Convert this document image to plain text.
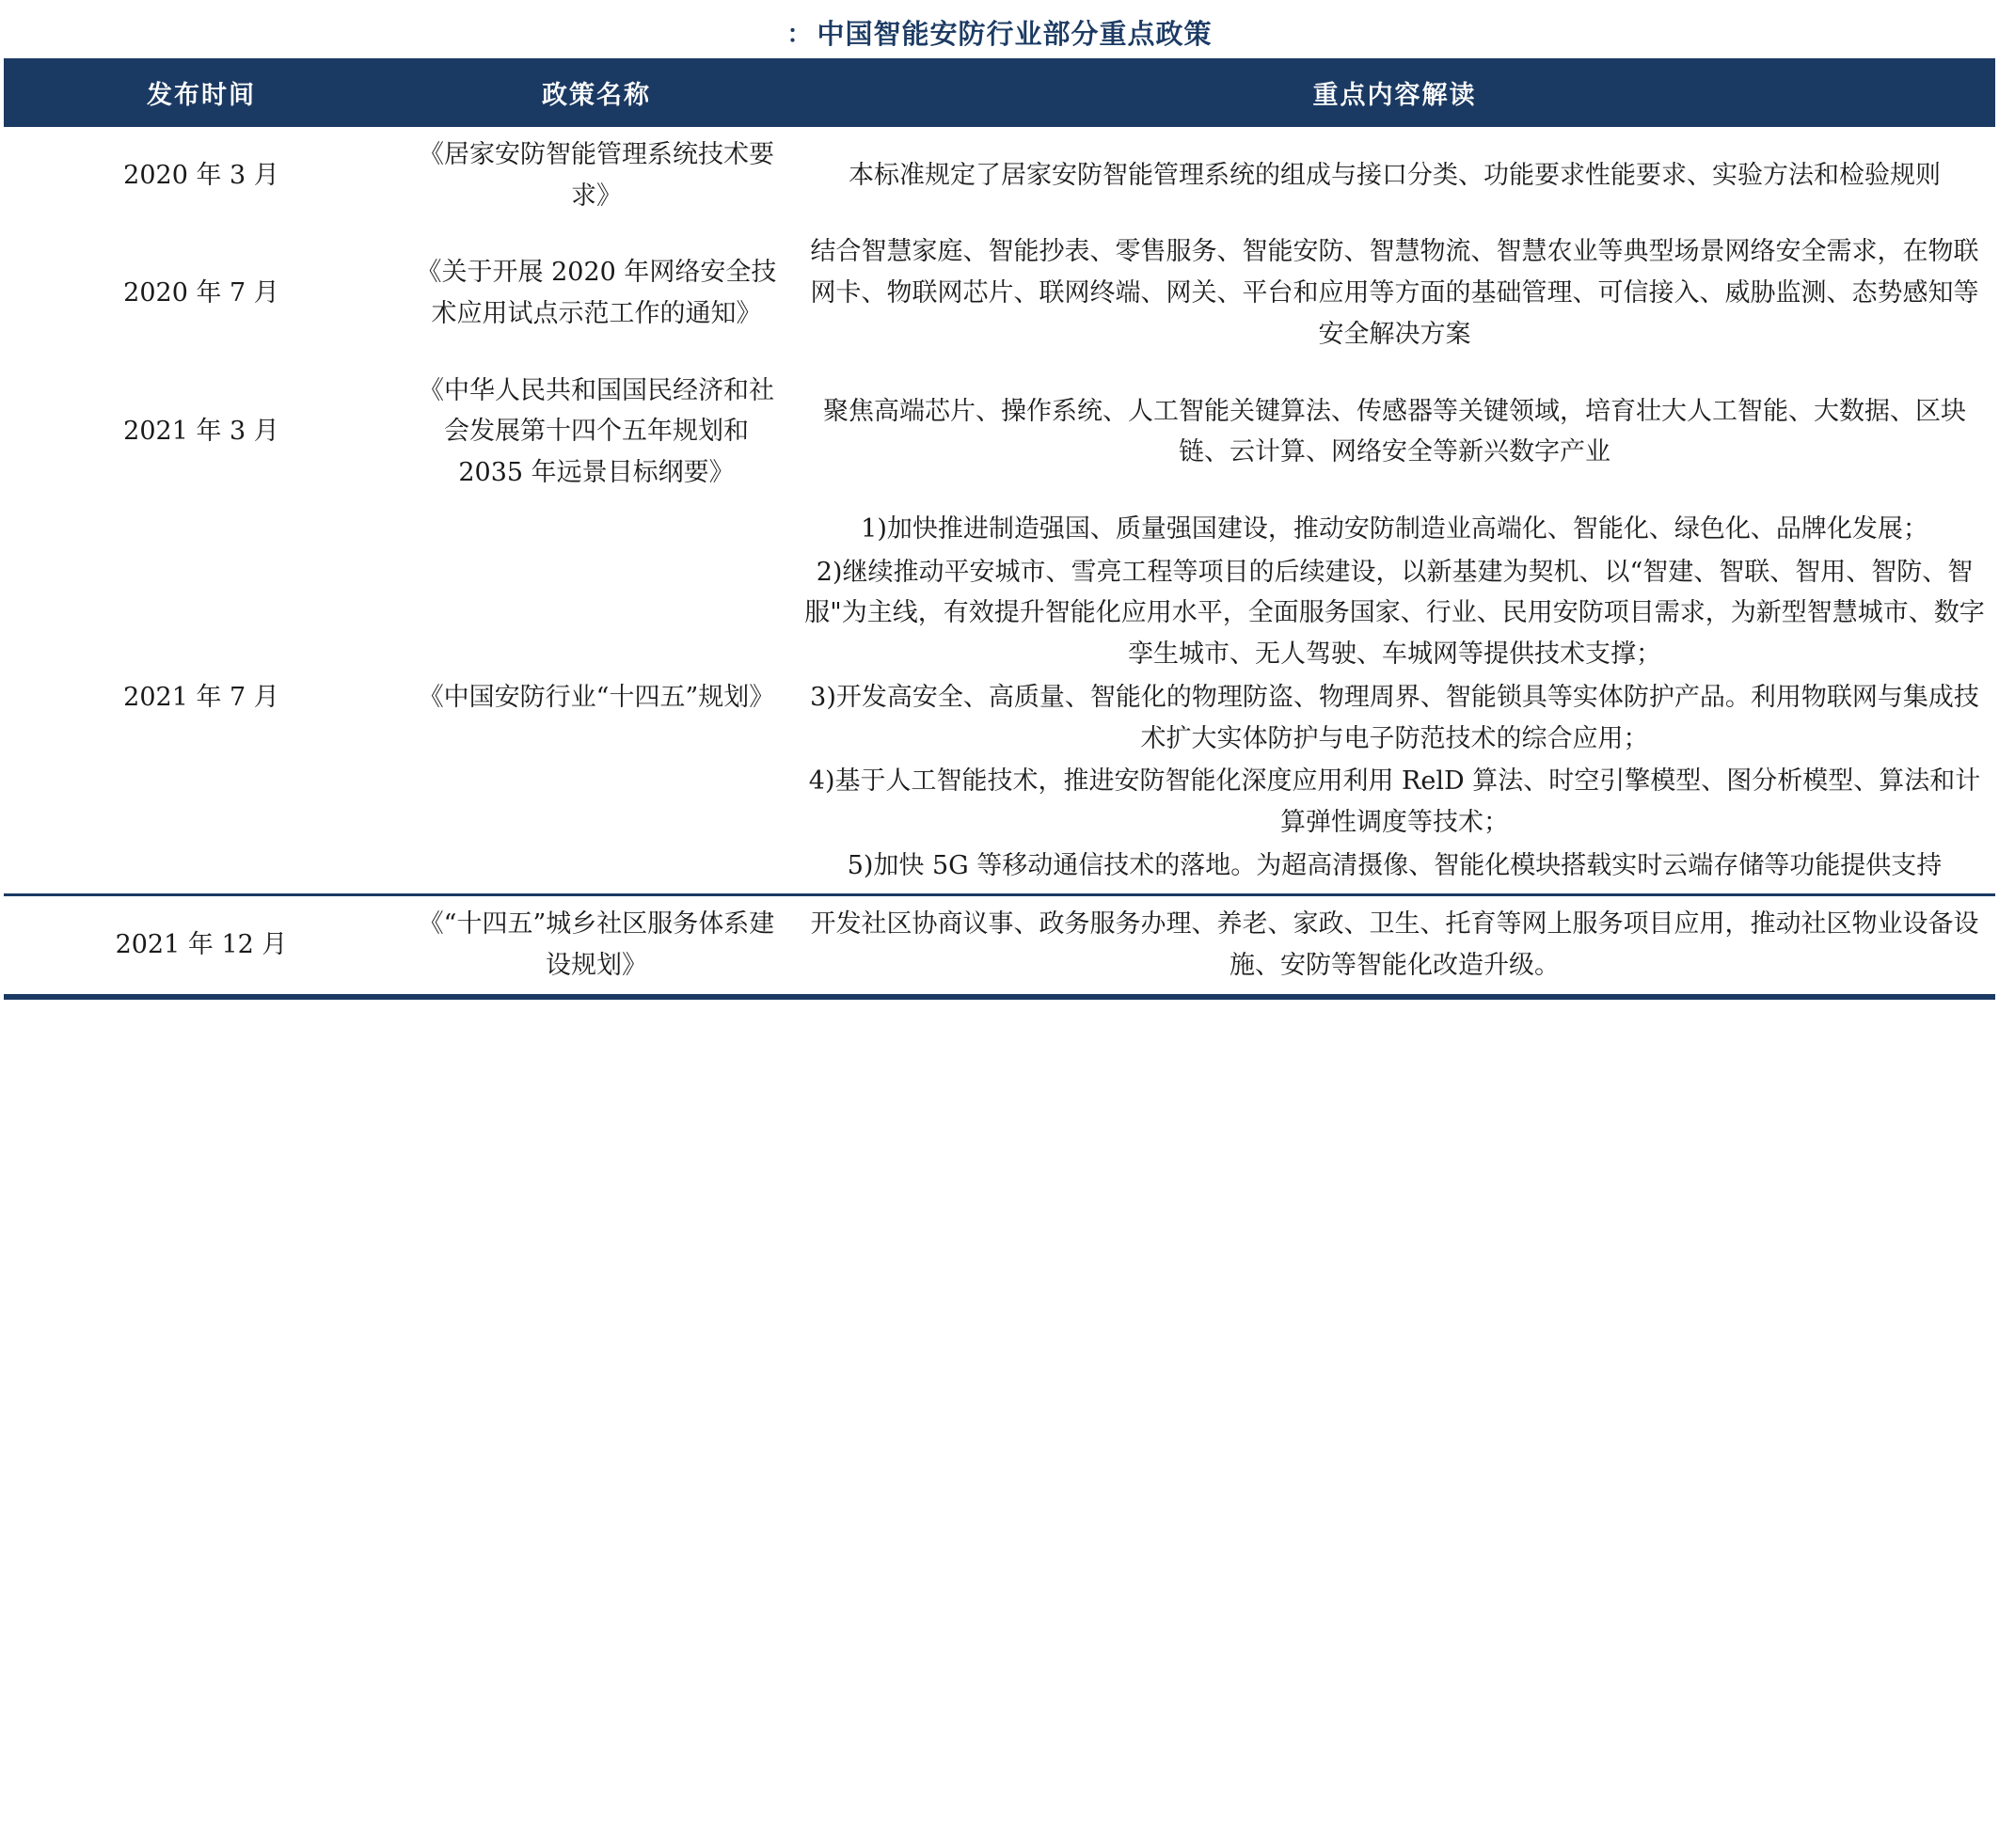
： 中国智能安防行业部分重点政策
发布时间	政策名称	重点内容解读
2020 年 3 月	《居家安防智能管理系统技术要求》	本标准规定了居家安防智能管理系统的组成与接口分类、功能要求性能要求、实验方法和检验规则

2020 年 7 月	《关于开展 2020 年网络安全技术应用试点示范工作的通知》	结合智慧家庭、智能抄表、零售服务、智能安防、智慧物流、智慧农业等典型场景网络安全需求，在物联网卡、物联网芯片、联网终端、网关、平台和应用等方面的基础管理、可信接入、威胁监测、态势感知等安全解决方案

2021 年 3 月	《中华人民共和国国民经济和社会发展第十四个五年规划和 2035 年远景目标纲要》	聚焦高端芯片、操作系统、人工智能关键算法、传感器等关键领域，培育壮大人工智能、大数据、区块链、云计算、网络安全等新兴数字产业

2021 年 7 月	《中国安防行业“十四五”规划》	1)加快推进制造强国、质量强国建设，推动安防制造业高端化、智能化、绿色化、品牌化发展；

2)继续推动平安城市、雪亮工程等项目的后续建设，以新基建为契机、以“智建、智联、智用、智防、智服"为主线，有效提升智能化应用水平，全面服务国家、行业、民用安防项目需求，为新型智慧城市、数字孪生城市、无人驾驶、车城网等提供技术支撑；

3)开发高安全、高质量、智能化的物理防盗、物理周界、智能锁具等实体防护产品。利用物联网与集成技术扩大实体防护与电子防范技术的综合应用；

4)基于人工智能技术，推进安防智能化深度应用利用 RelD 算法、时空引擎模型、图分析模型、算法和计算弹性调度等技术；

5)加快 5G 等移动通信技术的落地。为超高清摄像、智能化模块搭载实时云端存储等功能提供支持

2021 年 12 月	《“十四五”城乡社区服务体系建设规划》	开发社区协商议事、政务服务办理、养老、家政、卫生、托育等网上服务项目应用，推动社区物业设备设施、安防等智能化改造升级。
